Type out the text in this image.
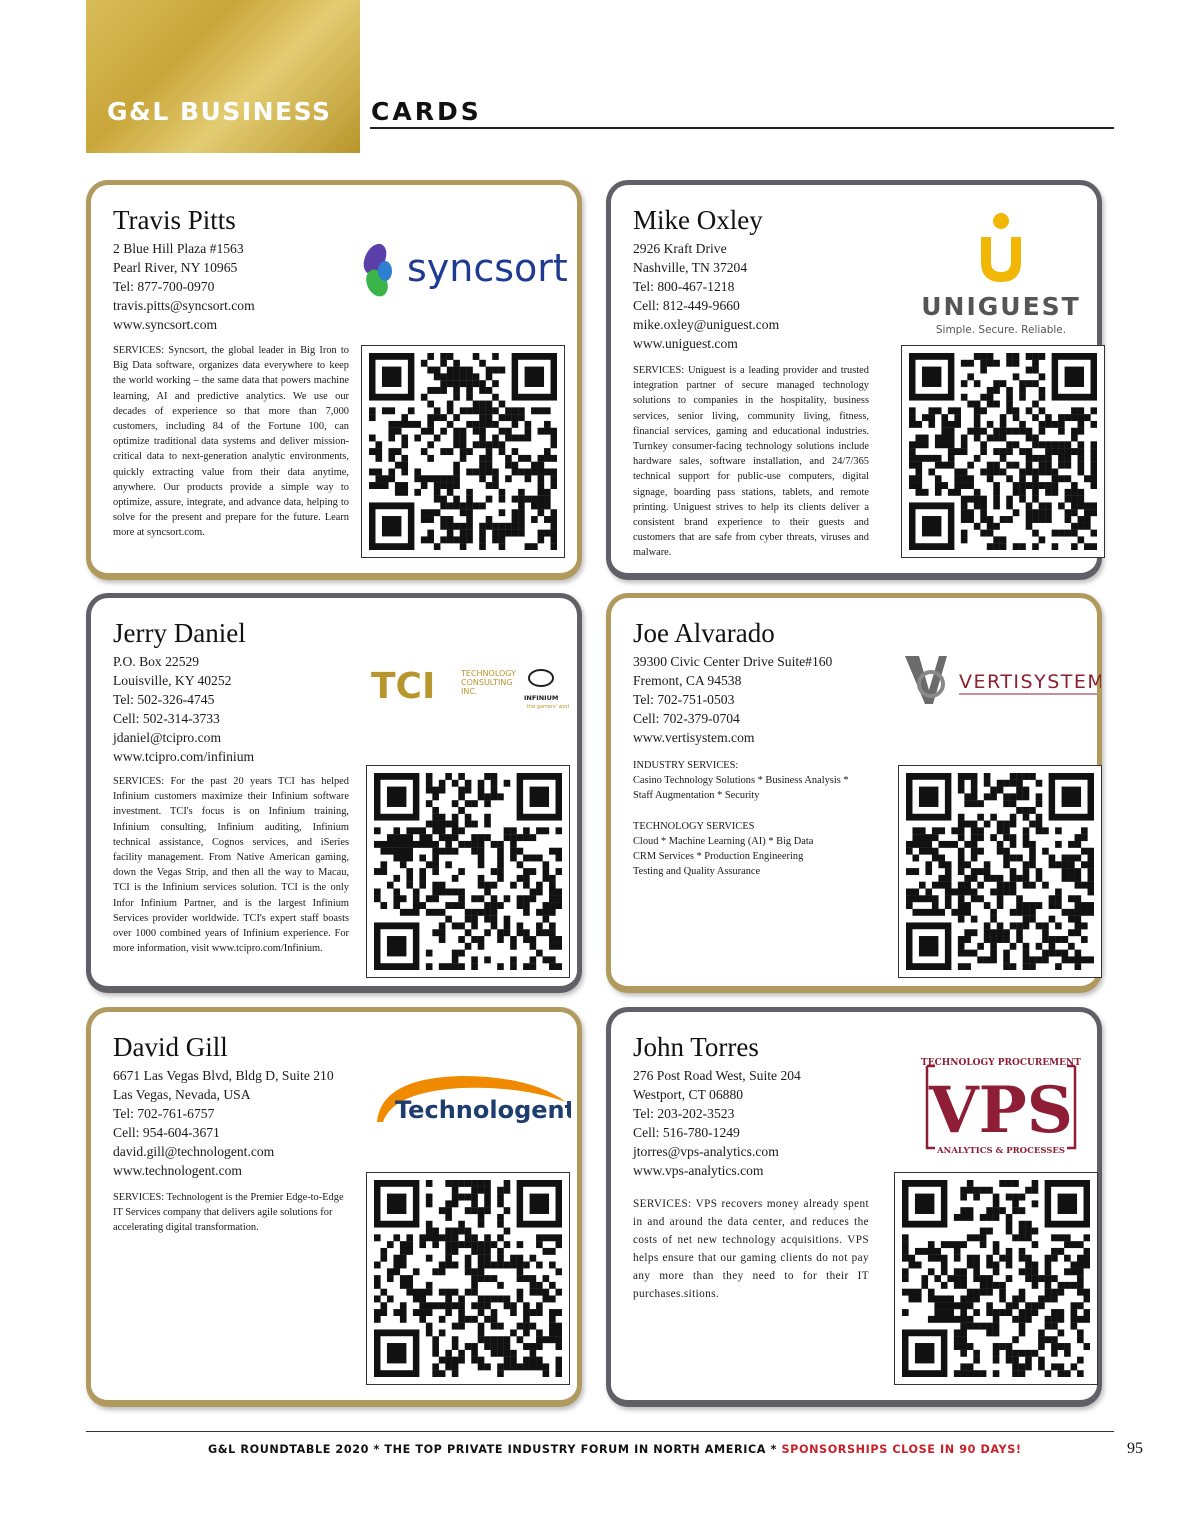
G&L BUSINESS CARDS
Travis Pitts
2 Blue Hill Plaza #1563
Pearl River, NY 10965
Tel: 877-700-0970
travis.pitts@syncsort.com
www.syncsort.com
SERVICES: Syncsort, the global leader in Big Iron to Big Data software, organizes data everywhere to keep the world working – the same data that powers machine learning, AI and predictive analytics. We use our decades of experience so that more than 7,000 customers, including 84 of the Fortune 100, can optimize traditional data systems and deliver mission-critical data to next-generation analytic environments, quickly extracting value from their data anytime, anywhere. Our products provide a simple way to optimize, assure, integrate, and advance data, helping to solve for the present and prepare for the future. Learn more at syncsort.com.
syncsort
Mike Oxley
2926 Kraft Drive
Nashville, TN 37204
Tel: 800-467-1218
Cell: 812-449-9660
mike.oxley@uniguest.com
www.uniguest.com
SERVICES: Uniguest is a leading provider and trusted integration partner of secure managed technology solutions to companies in the hospitality, business services, senior living, community living, fitness, financial services, gaming and educational industries. Turnkey consumer-facing technology solutions include hardware sales, software installation, and 24/7/365 technical support for public-use computers, digital signage, boarding pass stations, tablets, and remote printing. Uniguest strives to help its clients deliver a consistent brand experience to their guests and customers that are safe from cyber threats, viruses and malware.
UNIGUEST
Simple. Secure. Reliable.
Jerry Daniel
P.O. Box 22529
Louisville, KY 40252
Tel: 502-326-4745
Cell: 502-314-3733
jdaniel@tcipro.com
www.tcipro.com/infinium
SERVICES: For the past 20 years TCI has helped Infinium customers maximize their Infinium software investment. TCI's focus is on Infinium training, Infinium consulting, Infinium auditing, Infinium technical assistance, Cognos services, and iSeries facility management. From Native American gaming, down the Vegas Strip, and then all the way to Macau, TCI is the Infinium services solution. TCI is the only Infor Infinium Partner, and is the largest Infinium Services provider worldwide. TCI's expert staff boasts over 1000 combined years of Infinium experience. For more information, visit www.tcipro.com/Infinium.
TCI	TECHNOLOGY
CONSULTING
INC.
INFINIUM
the gamers' work
Joe Alvarado
39300 Civic Center Drive Suite#160
Fremont, CA 94538
Tel: 702-751-0503
Cell: 702-379-0704
www.vertisystem.com
INDUSTRY SERVICES:
Casino Technology Solutions * Business Analysis *
Staff Augmentation * Security
TECHNOLOGY SERVICES
Cloud * Machine Learning (AI) * Big Data
CRM Services * Production Engineering
Testing and Quality Assurance
VERTISYSTEM
David Gill
6671 Las Vegas Blvd, Bldg D, Suite 210
Las Vegas, Nevada, USA
Tel: 702-761-6757
Cell: 954-604-3671
david.gill@technologent.com
www.technologent.com
SERVICES: Technologent is the Premier Edge-to-Edge IT Services company that delivers agile solutions for accelerating digital transformation.
Technologent
John Torres
276 Post Road West, Suite 204
Westport, CT 06880
Tel: 203-202-3523
Cell: 516-780-1249
jtorres@vps-analytics.com
www.vps-analytics.com
SERVICES: VPS recovers money already spent in and around the data center, and reduces the costs of net new technology acquisitions. VPS helps ensure that our gaming clients do not pay any more than they need to for their IT purchases.sitions.
TECHNOLOGY PROCUREMENT
VPS
ANALYTICS & PROCESSES
G&L ROUNDTABLE 2020 * THE TOP PRIVATE INDUSTRY FORUM IN NORTH AMERICA * SPONSORSHIPS CLOSE IN 90 DAYS!	95
